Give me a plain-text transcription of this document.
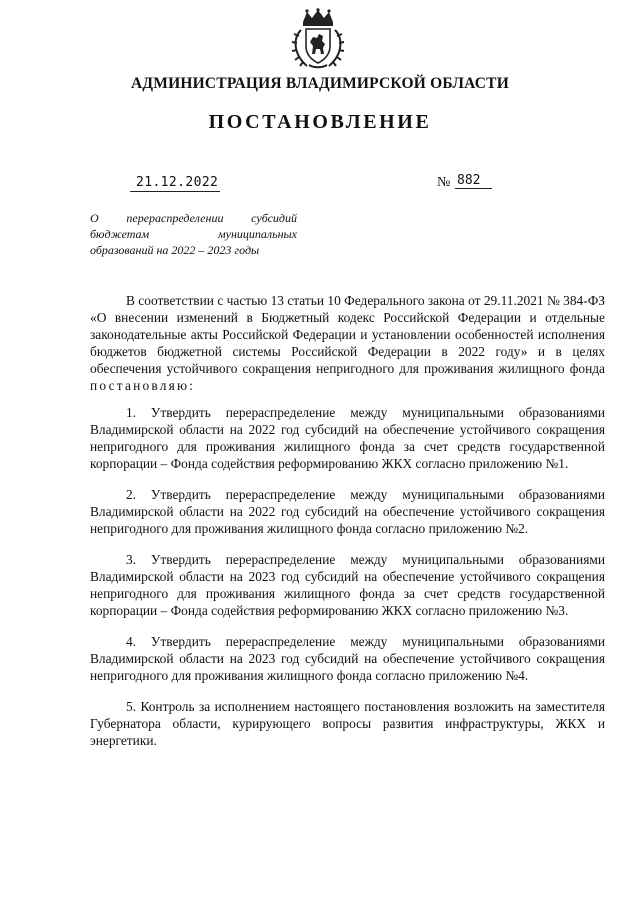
АДМИНИСТРАЦИЯ ВЛАДИМИРСКОЙ ОБЛАСТИ
ПОСТАНОВЛЕНИЕ
21.12.2022	№ 882
О перераспределении субсидий бюджетам муниципальных
образований на 2022 – 2023 годы

В соответствии с частью 13 статьи 10 Федерального закона от 29.11.2021 № 384-ФЗ «О внесении изменений в Бюджетный кодекс Российской Федерации и отдельные законодательные акты Российской Федерации и установлении особенностей исполнения бюджетов бюджетной системы Российской Федерации в 2022 году» и в целях обеспечения устойчивого сокращения непригодного для проживания жилищного фонда постановляю:

1. Утвердить перераспределение между муниципальными образованиями Владимирской области на 2022 год субсидий на обеспечение устойчивого сокращения непригодного для проживания жилищного фонда за счет средств государственной корпорации – Фонда содействия реформированию ЖКХ согласно приложению №1.

2. Утвердить перераспределение между муниципальными образованиями Владимирской области на 2022 год субсидий на обеспечение устойчивого сокращения непригодного для проживания жилищного фонда согласно приложению №2.

3. Утвердить перераспределение между муниципальными образованиями Владимирской области на 2023 год субсидий на обеспечение устойчивого сокращения непригодного для проживания жилищного фонда за счет средств государственной корпорации – Фонда содействия реформированию ЖКХ согласно приложению №3.

4. Утвердить перераспределение между муниципальными образованиями Владимирской области на 2023 год субсидий на обеспечение устойчивого сокращения непригодного для проживания жилищного фонда согласно приложению №4.

5. Контроль за исполнением настоящего постановления возложить на заместителя Губернатора области, курирующего вопросы развития инфраструктуры, ЖКХ и энергетики.
